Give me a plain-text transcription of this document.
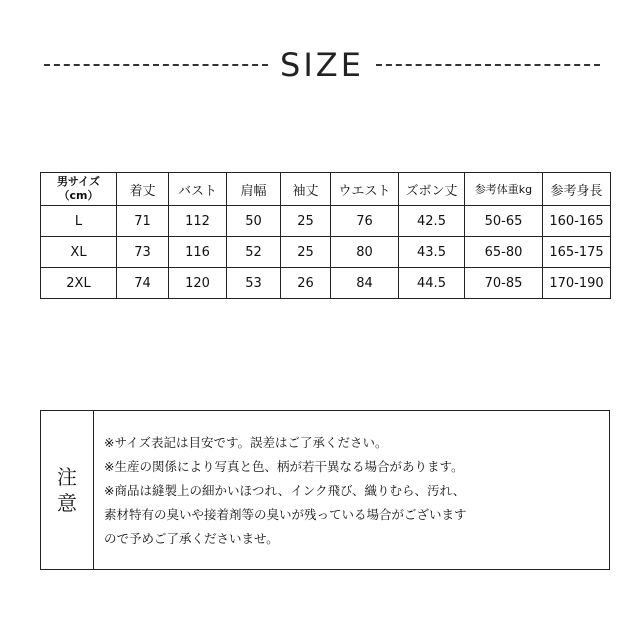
SIZE
男サイズ
（cm）	着丈	バスト	肩幅	袖丈	ウエスト	ズボン丈	参考体重kg	参考身長
L	71	112	50	25	76	42.5	50-65	160-165
XL	73	116	52	25	80	43.5	65-80	165-175
2XL	74	120	53	26	84	44.5	70-85	170-190
注
意
※サイズ表記は目安です。誤差はご了承ください。
※生産の関係により写真と色、柄が若干異なる場合があります。
※商品は縫製上の細かいほつれ、インク飛び、織りむら、汚れ、
素材特有の臭いや接着剤等の臭いが残っている場合がございます
ので予めご了承くださいませ。
